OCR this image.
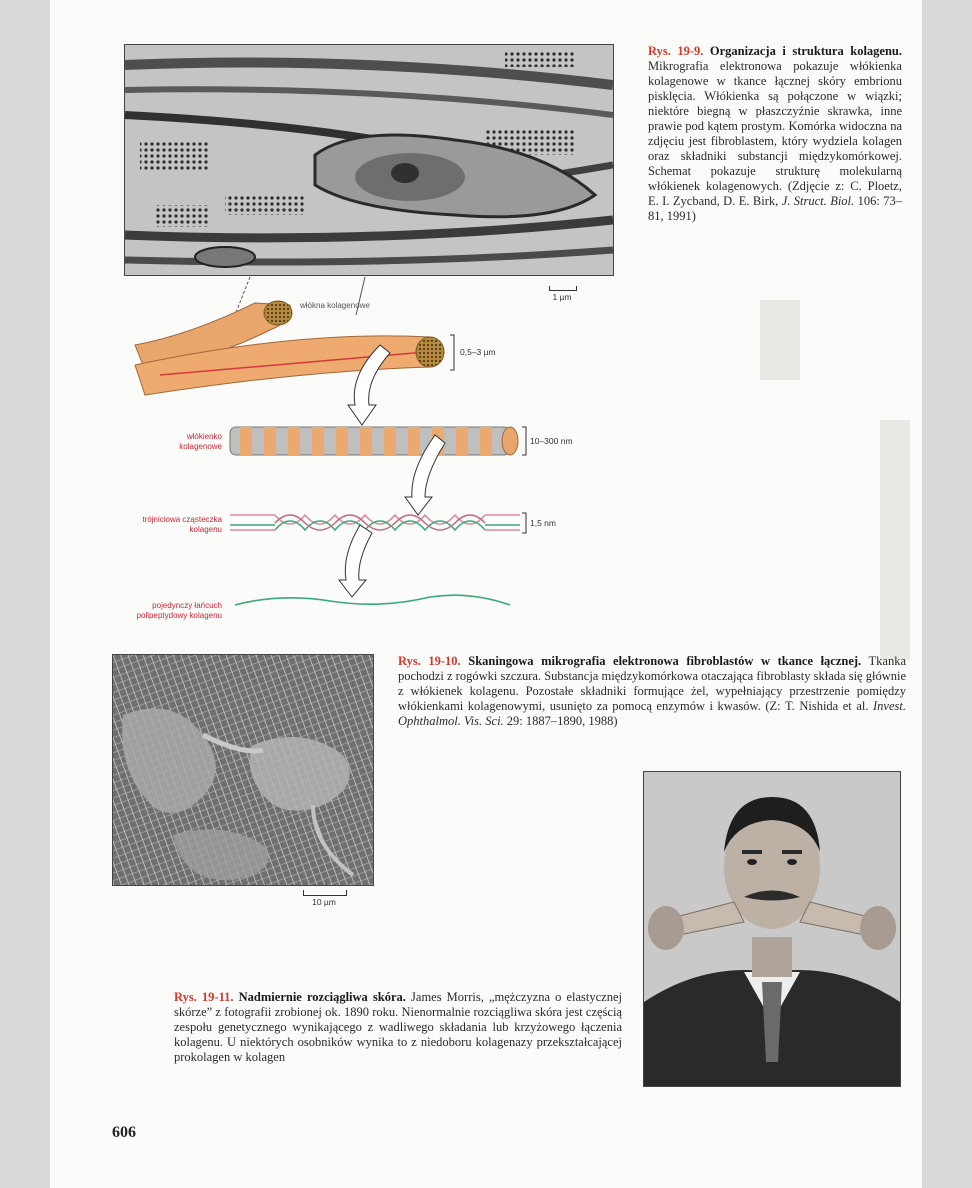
1 µm

Rys. 19-9. Organizacja i struktura kolagenu. Mikrografia elektronowa pokazuje włókienka kolagenowe w tkance łącznej skóry embrionu pisklęcia. Włókienka są połączone w wiązki; niektóre biegną w płaszczyźnie skrawka, inne prawie pod kątem prostym. Komórka widoczna na zdjęciu jest fibroblastem, który wydziela kolagen oraz składniki substancji międzykomórkowej. Schemat pokazuje strukturę molekularną włókienek kolagenowych. (Zdjęcie z: C. Ploetz, E. I. Zycband, D. E. Birk, J. Struct. Biol. 106: 73–81, 1991)

włókna kolagenowe
włókienko kolagenowe
trójniciowa cząsteczka kolagenu
pojedynczy łańcuch polipeptydowy kolagenu
0,5–3 µm
10–300 nm
1,5 nm
10 µm

Rys. 19-10. Skaningowa mikrografia elektronowa fibroblastów w tkance łącznej. Tkanka pochodzi z rogówki szczura. Substancja międzykomórkowa otaczająca fibroblasty składa się głównie z włókienek kolagenu. Pozostałe składniki formujące żel, wypełniający przestrzenie pomiędzy włókienkami kolagenowymi, usunięto za pomocą enzymów i kwasów. (Z: T. Nishida et al. Invest. Ophthalmol. Vis. Sci. 29: 1887–1890, 1988)

Rys. 19-11. Nadmiernie rozciągliwa skóra. James Morris, „mężczyzna o elastycznej skórze” z fotografii zrobionej ok. 1890 roku. Nienormalnie rozciągliwa skóra jest częścią zespołu genetycznego wynikającego z wadliwego składania lub krzyżowego łączenia kolagenu. U niektórych osobników wynika to z niedoboru kolagenazy przekształcającej prokolagen w kolagen

606
